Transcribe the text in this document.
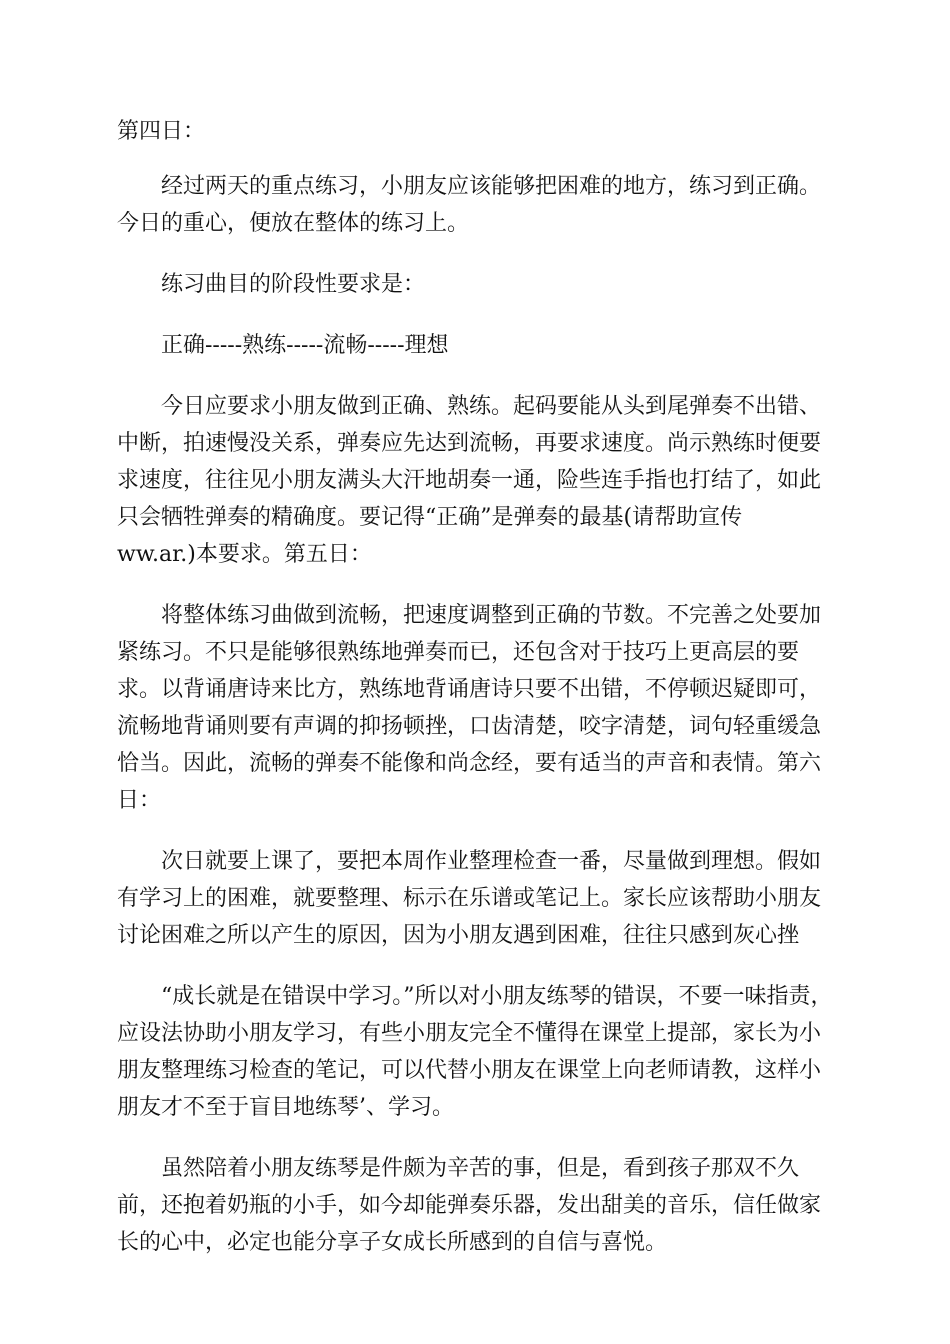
第四日：

经过两天的重点练习，小朋友应该能够把困难的地方，练习到正确。今日的重心，便放在整体的练习上。

练习曲目的阶段性要求是：

正确-----熟练-----流畅-----理想

今日应要求小朋友做到正确、熟练。起码要能从头到尾弹奏不出错、中断，拍速慢没关系，弹奏应先达到流畅，再要求速度。尚示熟练时便要求速度，往往见小朋友满头大汗地胡奏一通，险些连手指也打结了，如此只会牺牲弹奏的精确度。要记得“正确”是弹奏的最基(请帮助宣传
ww.ar.)本要求。第五日：

将整体练习曲做到流畅，把速度调整到正确的节数。不完善之处要加紧练习。不只是能够很熟练地弹奏而已，还包含对于技巧上更高层的要求。以背诵唐诗来比方，熟练地背诵唐诗只要不出错，不停顿迟疑即可，流畅地背诵则要有声调的抑扬顿挫，口齿清楚，咬字清楚，词句轻重缓急恰当。因此，流畅的弹奏不能像和尚念经，要有适当的声音和表情。第六日：

次日就要上课了，要把本周作业整理检查一番，尽量做到理想。假如有学习上的困难，就要整理、标示在乐谱或笔记上。家长应该帮助小朋友讨论困难之所以产生的原因，因为小朋友遇到困难，往往只感到灰心挫

“成长就是在错误中学习。”所以对小朋友练琴的错误，不要一味指责，应设法协助小朋友学习，有些小朋友完全不懂得在课堂上提部，家长为小朋友整理练习检查的笔记，可以代替小朋友在课堂上向老师请教，这样小朋友才不至于盲目地练琴’、学习。

虽然陪着小朋友练琴是件颇为辛苦的事，但是，看到孩子那双不久前，还抱着奶瓶的小手，如今却能弹奏乐器，发出甜美的音乐，信任做家长的心中，必定也能分享子女成长所感到的自信与喜悦。
